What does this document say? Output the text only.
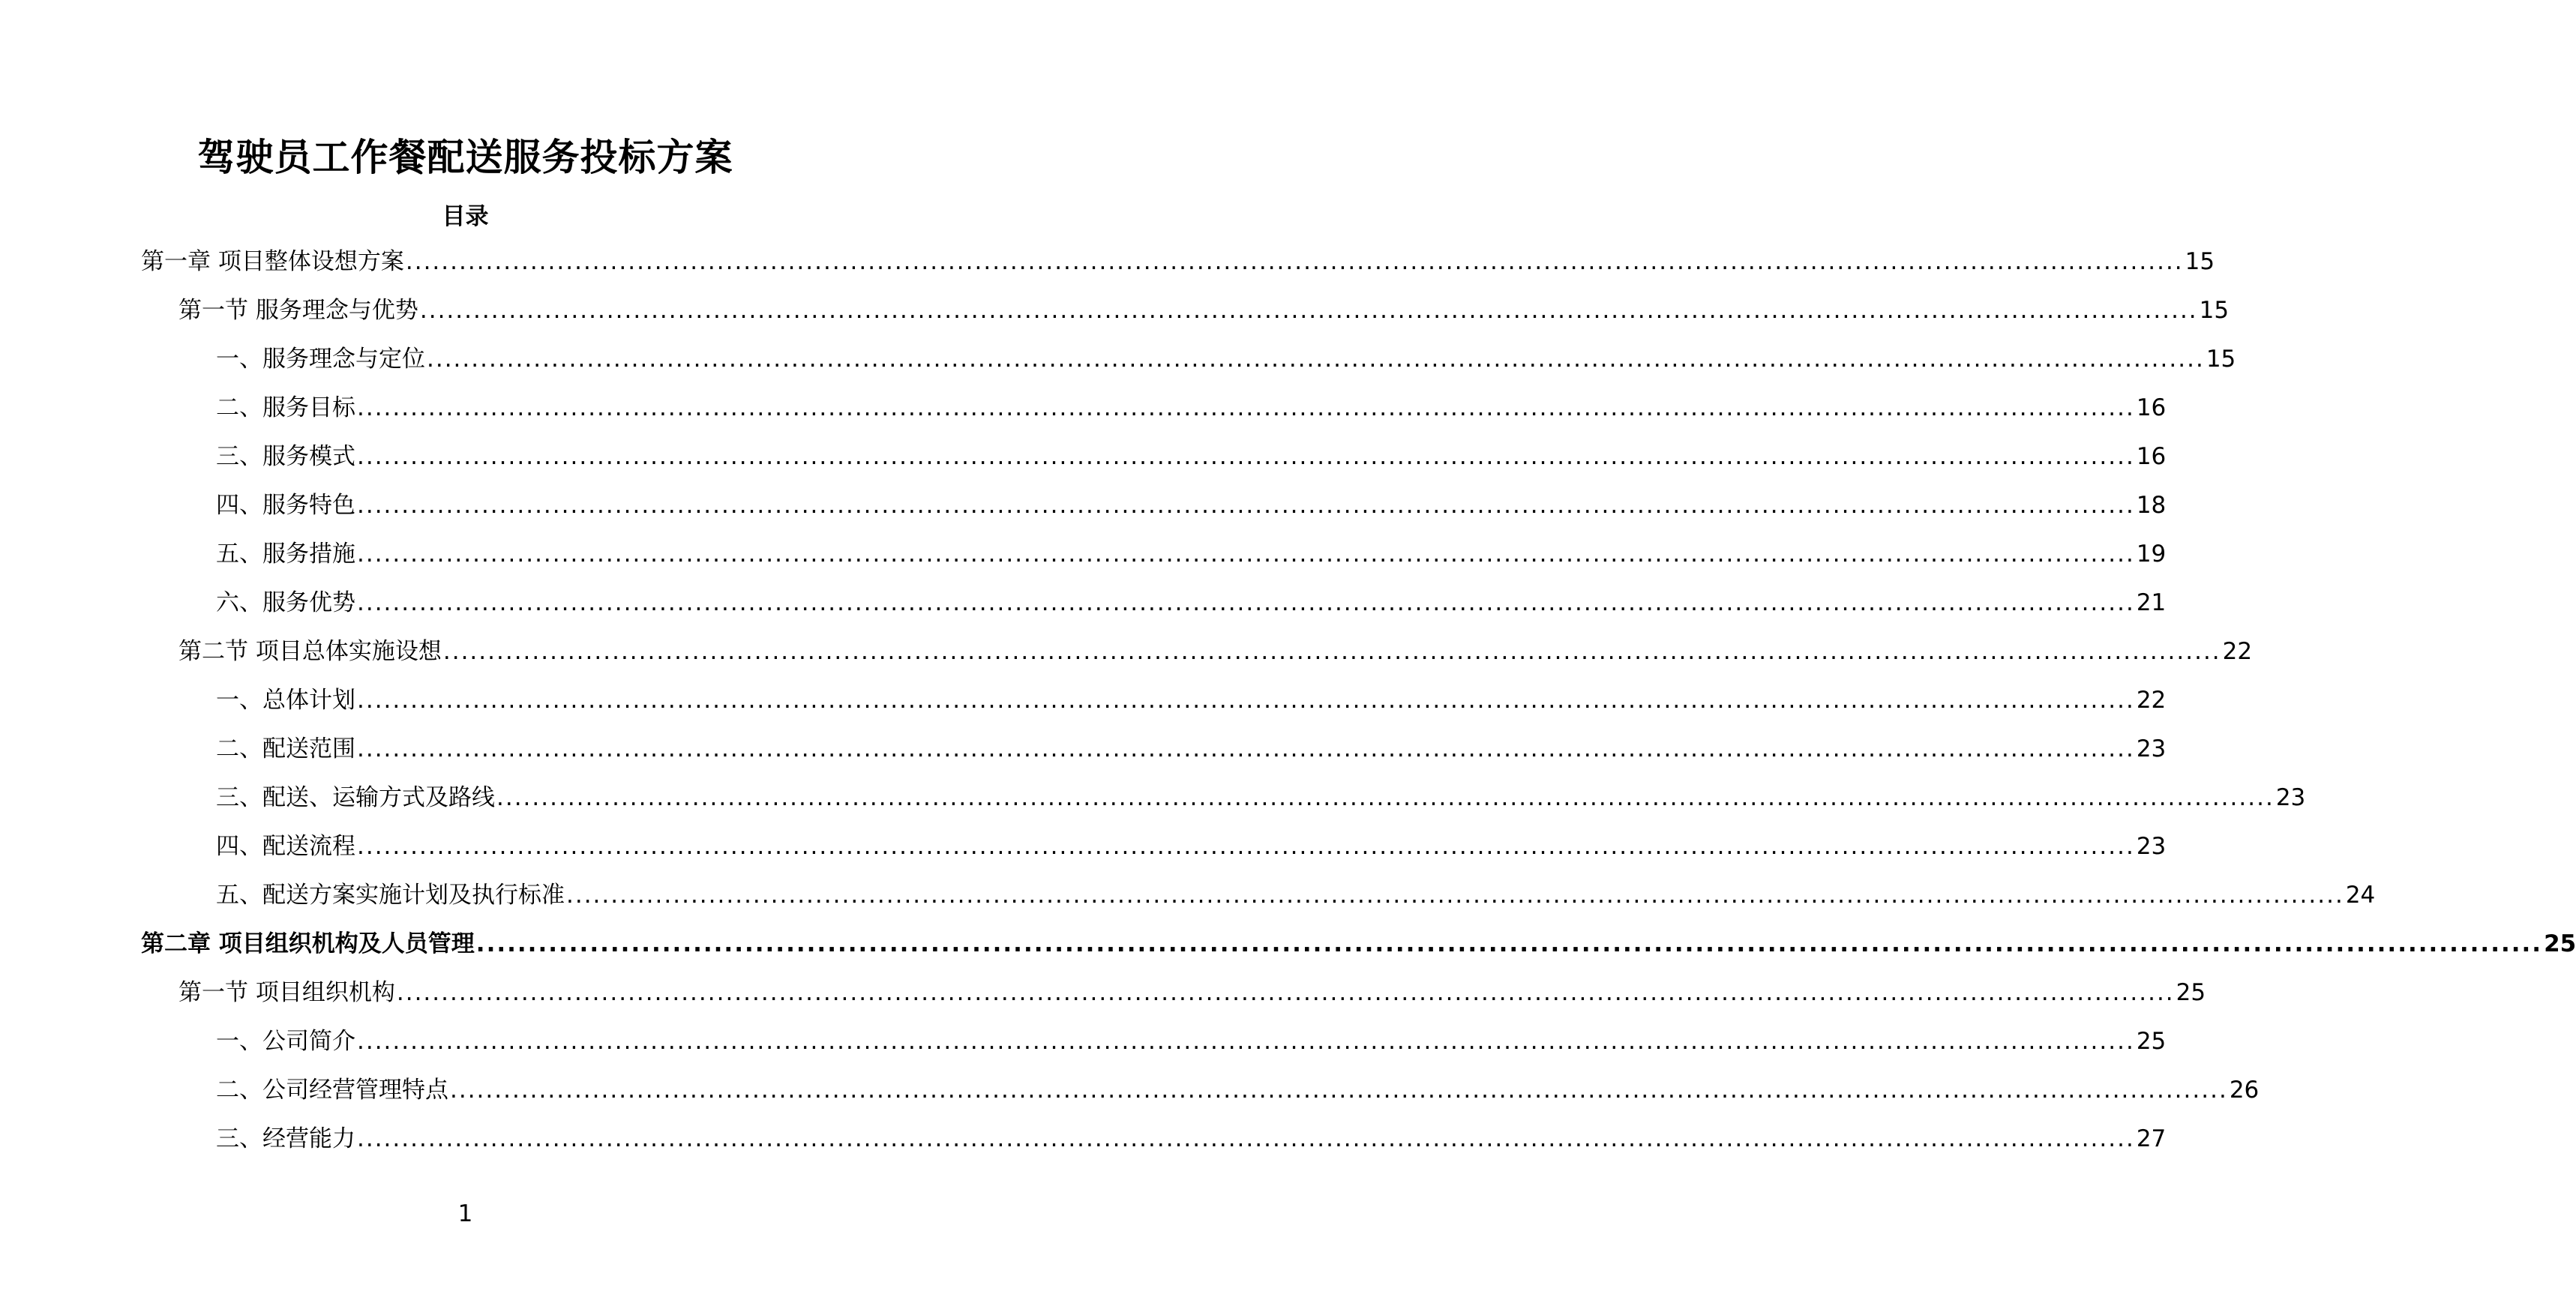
驾驶员工作餐配送服务投标方案
目录
第一章 项目整体设想方案 ........................................................................................................................................................................................................ 15
第一节 服务理念与优势 ........................................................................................................................................................................................................ 15
一、服务理念与定位 ........................................................................................................................................................................................................ 15
二、服务目标 ........................................................................................................................................................................................................ 16
三、服务模式 ........................................................................................................................................................................................................ 16
四、服务特色 ........................................................................................................................................................................................................ 18
五、服务措施 ........................................................................................................................................................................................................ 19
六、服务优势 ........................................................................................................................................................................................................ 21
第二节 项目总体实施设想 ........................................................................................................................................................................................................ 22
一、总体计划 ........................................................................................................................................................................................................ 22
二、配送范围 ........................................................................................................................................................................................................ 23
三、配送、运输方式及路线 ........................................................................................................................................................................................................ 23
四、配送流程 ........................................................................................................................................................................................................ 23
五、配送方案实施计划及执行标准 ........................................................................................................................................................................................................ 24
第二章 项目组织机构及人员管理 ........................................................................................................................................................................................................ 25
第一节 项目组织机构 ........................................................................................................................................................................................................ 25
一、公司简介 ........................................................................................................................................................................................................ 25
二、公司经营管理特点 ........................................................................................................................................................................................................ 26
三、经营能力 ........................................................................................................................................................................................................ 27
1
